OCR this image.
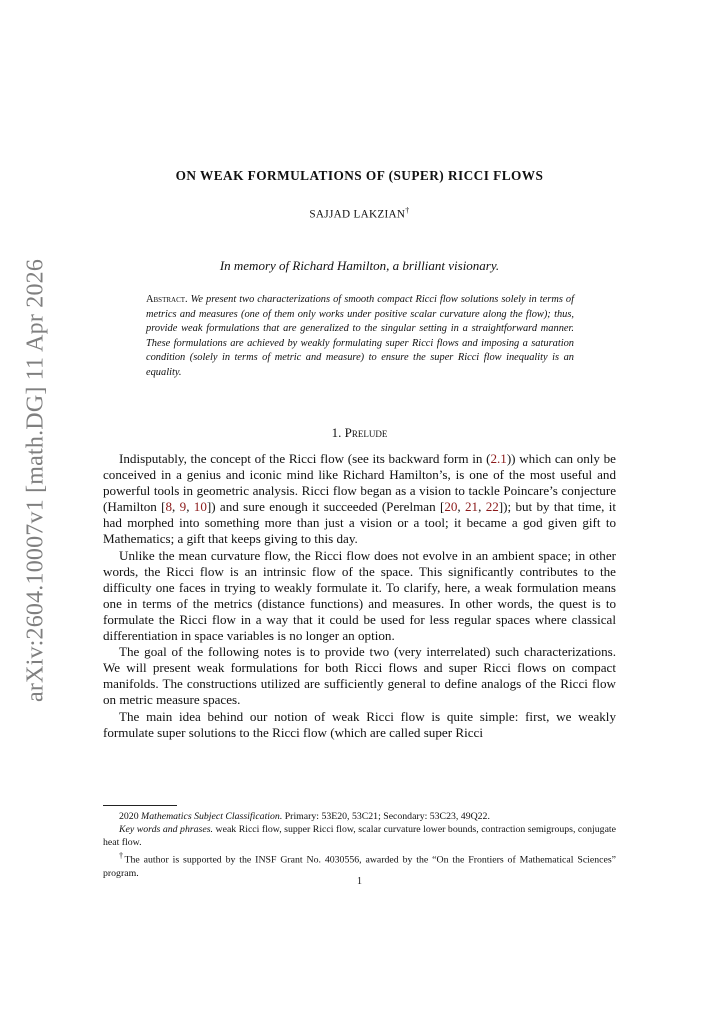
arXiv:2604.10007v1 [math.DG] 11 Apr 2026
ON WEAK FORMULATIONS OF (SUPER) RICCI FLOWS
SAJJAD LAKZIAN†
In memory of Richard Hamilton, a brilliant visionary.
Abstract. We present two characterizations of smooth compact Ricci flow solutions solely in terms of metrics and measures (one of them only works under positive scalar curvature along the flow); thus, provide weak formulations that are generalized to the singular setting in a straightforward manner. These formulations are achieved by weakly formulating super Ricci flows and imposing a saturation condition (solely in terms of metric and measure) to ensure the super Ricci flow inequality is an equality.
1. Prelude

Indisputably, the concept of the Ricci flow (see its backward form in (2.1)) which can only be conceived in a genius and iconic mind like Richard Hamilton’s, is one of the most useful and powerful tools in geometric analysis. Ricci flow began as a vision to tackle Poincare’s conjecture (Hamilton [8, 9, 10]) and sure enough it succeeded (Perelman [20, 21, 22]); but by that time, it had morphed into something more than just a vision or a tool; it became a god given gift to Mathematics; a gift that keeps giving to this day.

Unlike the mean curvature flow, the Ricci flow does not evolve in an ambient space; in other words, the Ricci flow is an intrinsic flow of the space. This significantly contributes to the difficulty one faces in trying to weakly formulate it. To clarify, here, a weak formulation means one in terms of the metrics (distance functions) and measures. In other words, the quest is to formulate the Ricci flow in a way that it could be used for less regular spaces where classical differentiation in space variables is no longer an option.

The goal of the following notes is to provide two (very interrelated) such characterizations. We will present weak formulations for both Ricci flows and super Ricci flows on compact manifolds. The constructions utilized are sufficiently general to define analogs of the Ricci flow on metric measure spaces.

The main idea behind our notion of weak Ricci flow is quite simple: first, we weakly formulate super solutions to the Ricci flow (which are called super Ricci

2020 Mathematics Subject Classification. Primary: 53E20, 53C21; Secondary: 53C23, 49Q22.

Key words and phrases. weak Ricci flow, supper Ricci flow, scalar curvature lower bounds, contraction semigroups, conjugate heat flow.

†The author is supported by the INSF Grant No. 4030556, awarded by the “On the Frontiers of Mathematical Sciences” program.

1
